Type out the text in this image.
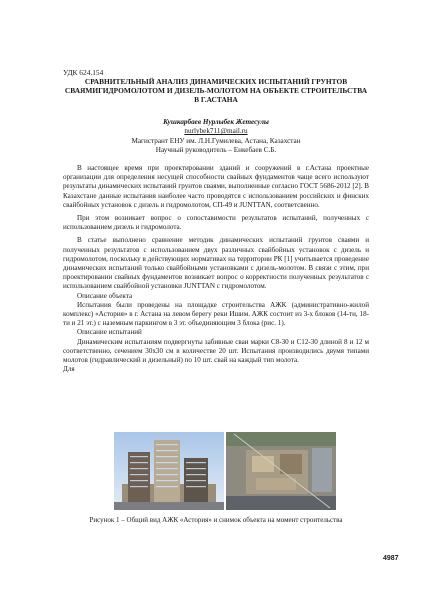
УДК 624.154

СРАВНИТЕЛЬНЫЙ АНАЛИЗ ДИНАМИЧЕСКИХ ИСПЫТАНИЙ ГРУНТОВ СВАЯМИГИДРОМОЛОТОМ И ДИЗЕЛЬ-МОЛОТОМ НА ОБЪЕКТЕ СТРОИТЕЛЬСТВА В Г.АСТАНА

Кушкарбаев Нурлыбек Жетесулы
nurlybek711@mail.ru
Магистрант ЕНУ им. Л.Н.Гумилева, Астана, Казахстан
Научный руководитель – Енкебаев С.Б.

В настоящее время при проектировании зданий и сооружений в г.Астана проектные организации для определения несущей способности свайных фундаментов чаще всего используют результаты динамических испытаний грунтов сваями, выполненные согласно ГОСТ 5686-2012 [2]. В Казахстане данные испытания наиболее часто проводятся с использованием российских и финских свайбойных установок с дизель и гидромолотом, СП-49 и JUNTTAN, соответсвенно.

При этом возникает вопрос о сопоставимости результатов испытаний, полученных с использованием дизель и гидромолота.

В статье выполнено сравнение методик динамических испытаний грунтов сваями и полученных результатов с использованием двух различных свайбойных установок с дизель и гидромолотом, поскольку в действующих нормативах на территории РК [1] учитывается проведение динамических испытаний только свайбойными установками с дизель-молотом. В связи с этим, при проектировании свайных фундаментов возникает вопрос о корректности полученных результатов с использованием свайбойной установки JUNTTAN с гидромолотом.

Описание объекта

Испытания были проведены на площадке строительства АЖК (административно-жилой комплекс) «Астория» в г. Астана на левом берегу реки Ишим. АЖК состоит из 3-х блоков (14-ти, 18-ти и 21 эт.) с наземным паркингом в 3 эт. объединяющим 3 блока (рис. 1).

Описание испытаний

Динамическим испытаниям подвергнуты забивные сваи марки С8-30 и С12-30 длиной 8 и 12 м соответственно, сечением 30х30 см в количестве 20 шт. Испытания производились двумя типами молотов (гидравлический и дизельный) по 10 шт. свай на каждый тип молота.

Для

Рисунок 1 – Общий вид АЖК «Астория» и снимок объекта на момент строительства
4987
